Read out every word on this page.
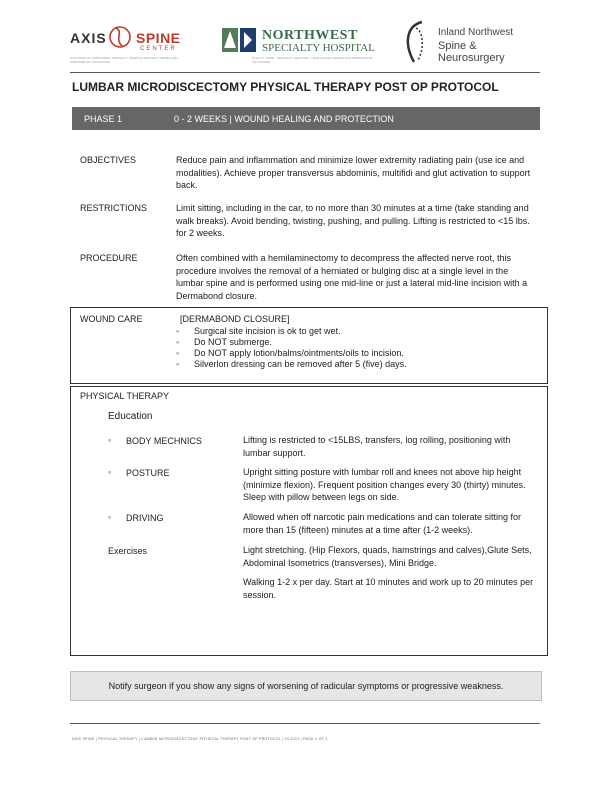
AXIS SPINE
CENTER
A DIVISION OF NORTHWEST SPECIALTY HOSPITAL PROUDLY OWNED AND OPERATED BY PHYSICIANS
NORTHWEST
SPECIALTY HOSPITAL
QUALITY CARE · SPECIALTY SERVICES · HEALTHCARE OWNED AND OPERATED BY PHYSICIANS
Inland Northwest
Spine & Neurosurgery
LUMBAR MICRODISCECTOMY PHYSICAL THERAPY POST OP PROTOCOL
PHASE 1	0 - 2 WEEKS | WOUND HEALING AND PROTECTION
OBJECTIVES	Reduce pain and inflammation and minimize lower extremity radiating pain (use ice and modalities). Achieve proper transversus abdominis, multifidi and glut activation to support back.
RESTRICTIONS	Limit sitting, including in the car, to no more than 30 minutes at a time (take standing and walk breaks). Avoid bending, twisting, pushing, and pulling. Lifting is restricted to <15 lbs. for 2 weeks.
PROCEDURE	Often combined with a hemilaminectomy to decompress the affected nerve root, this procedure involves the removal of a herniated or bulging disc at a single level in the lumbar spine and is performed using one mid-line or just a lateral mid-line incision with a Dermabond closure.
WOUND CARE	[DERMABOND CLOSURE]
◦ Surgical site incision is ok to get wet.
◦ Do NOT submerge.
◦ Do NOT apply lotion/balms/ointments/oils to incision.
◦ Silverlon dressing can be removed after 5 (five) days.
PHYSICAL THERAPY
Education
◦ BODY MECHNICS	Lifting is restricted to <15LBS, transfers, log rolling, positioning with lumbar support.
◦ POSTURE	Upright sitting posture with lumbar roll and knees not above hip height (minimize flexion). Frequent position changes every 30 (thirty) minutes. Sleep with pillow between legs on side.
◦ DRIVING	Allowed when off narcotic pain medications and can tolerate sitting for more than 15 (fifteen) minutes at a time after (1-2 weeks).
Exercises	Light stretching. (Hip Flexors, quads, hamstrings and calves),Glute Sets, Abdominal Isometrics (transverses), Mini Bridge.
Walking 1-2 x per day. Start at 10 minutes and work up to 20 minutes per session.
Notify surgeon if you show any signs of worsening of radicular symptoms or progressive weakness.
AXIS SPINE | PHYSICAL THERAPY | LUMBAR MICRODISCECTOMY PHYSICAL THERAPY POST OP PROTOCOL | 03.2021 | PAGE 1 OF 2
